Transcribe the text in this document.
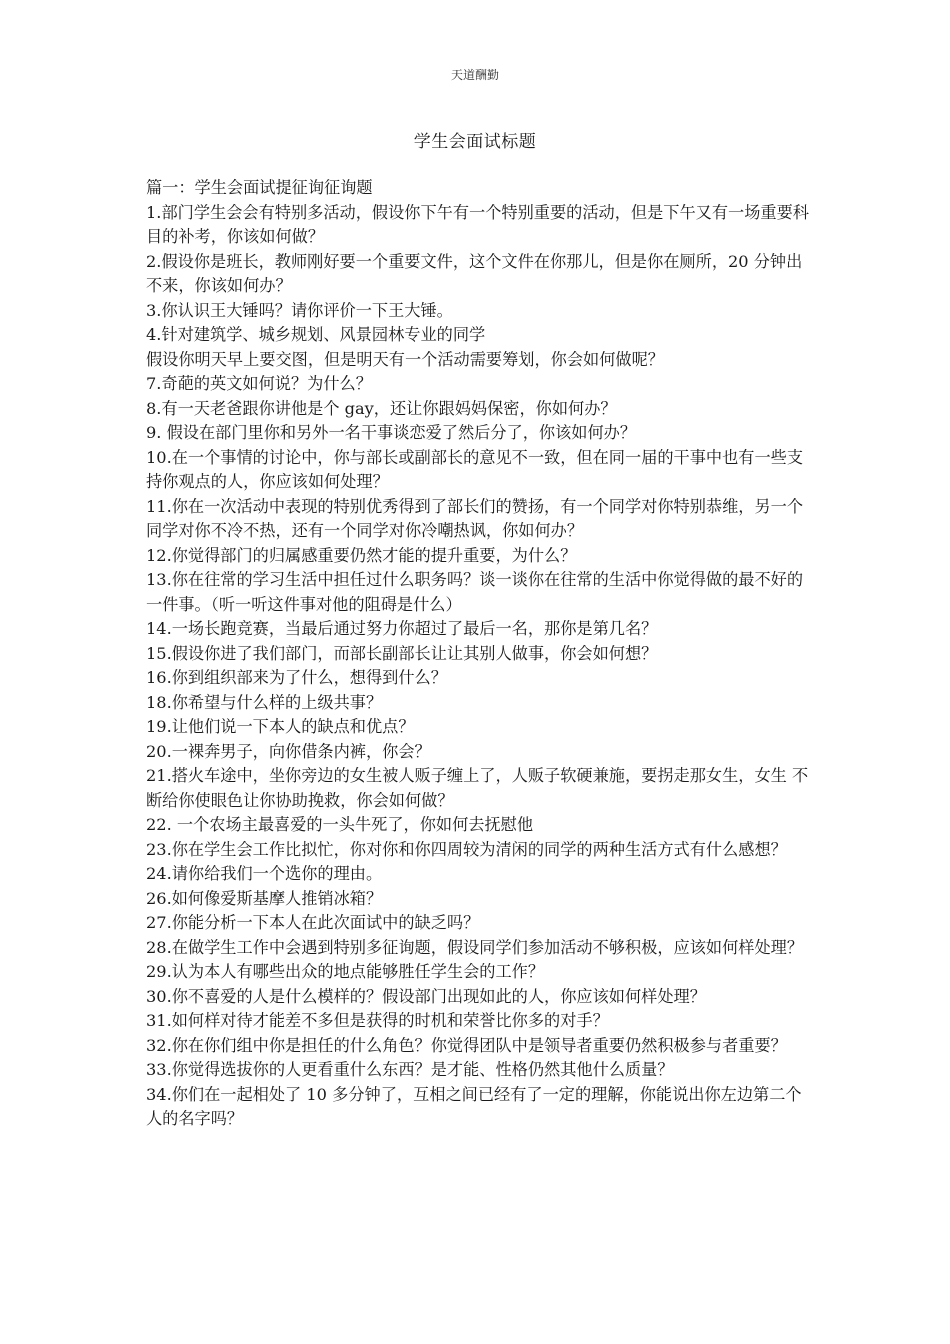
天道酬勤
学生会面试标题

篇一：学生会面试提征询征询题

1.部门学生会会有特别多活动，假设你下午有一个特别重要的活动，但是下午又有一场重要科目的补考，你该如何做？

2.假设你是班长，教师刚好要一个重要文件，这个文件在你那儿，但是你在厕所，20 分钟出不来，你该如何办？

3.你认识王大锤吗？请你评价一下王大锤。

4.针对建筑学、城乡规划、风景园林专业的同学

假设你明天早上要交图，但是明天有一个活动需要筹划，你会如何做呢？

7.奇葩的英文如何说？为什么？

8.有一天老爸跟你讲他是个 gay，还让你跟妈妈保密，你如何办？

9. 假设在部门里你和另外一名干事谈恋爱了然后分了，你该如何办？

10.在一个事情的讨论中，你与部长或副部长的意见不一致，但在同一届的干事中也有一些支持你观点的人，你应该如何处理？

11.你在一次活动中表现的特别优秀得到了部长们的赞扬，有一个同学对你特别恭维，另一个同学对你不冷不热，还有一个同学对你冷嘲热讽，你如何办？

12.你觉得部门的归属感重要仍然才能的提升重要，为什么？

13.你在往常的学习生活中担任过什么职务吗？谈一谈你在往常的生活中你觉得做的最不好的一件事。（听一听这件事对他的阻碍是什么）

14.一场长跑竞赛，当最后通过努力你超过了最后一名，那你是第几名？

15.假设你进了我们部门，而部长副部长让让其别人做事，你会如何想？

16.你到组织部来为了什么，想得到什么？

18.你希望与什么样的上级共事？

19.让他们说一下本人的缺点和优点？

20.一裸奔男子，向你借条内裤，你会？

21.搭火车途中，坐你旁边的女生被人贩子缠上了，人贩子软硬兼施，要拐走那女生，女生 不断给你使眼色让你协助挽救，你会如何做？

22. 一个农场主最喜爱的一头牛死了，你如何去抚慰他

23.你在学生会工作比拟忙，你对你和你四周较为清闲的同学的两种生活方式有什么感想？

24.请你给我们一个选你的理由。

26.如何像爱斯基摩人推销冰箱？

27.你能分析一下本人在此次面试中的缺乏吗？

28.在做学生工作中会遇到特别多征询题，假设同学们参加活动不够积极，应该如何样处理？

29.认为本人有哪些出众的地点能够胜任学生会的工作？

30.你不喜爱的人是什么模样的？假设部门出现如此的人，你应该如何样处理？

31.如何样对待才能差不多但是获得的时机和荣誉比你多的对手？

32.你在你们组中你是担任的什么角色？你觉得团队中是领导者重要仍然积极参与者重要？

33.你觉得选拔你的人更看重什么东西？是才能、性格仍然其他什么质量？

34.你们在一起相处了 10 多分钟了，互相之间已经有了一定的理解，你能说出你左边第二个人的名字吗？
